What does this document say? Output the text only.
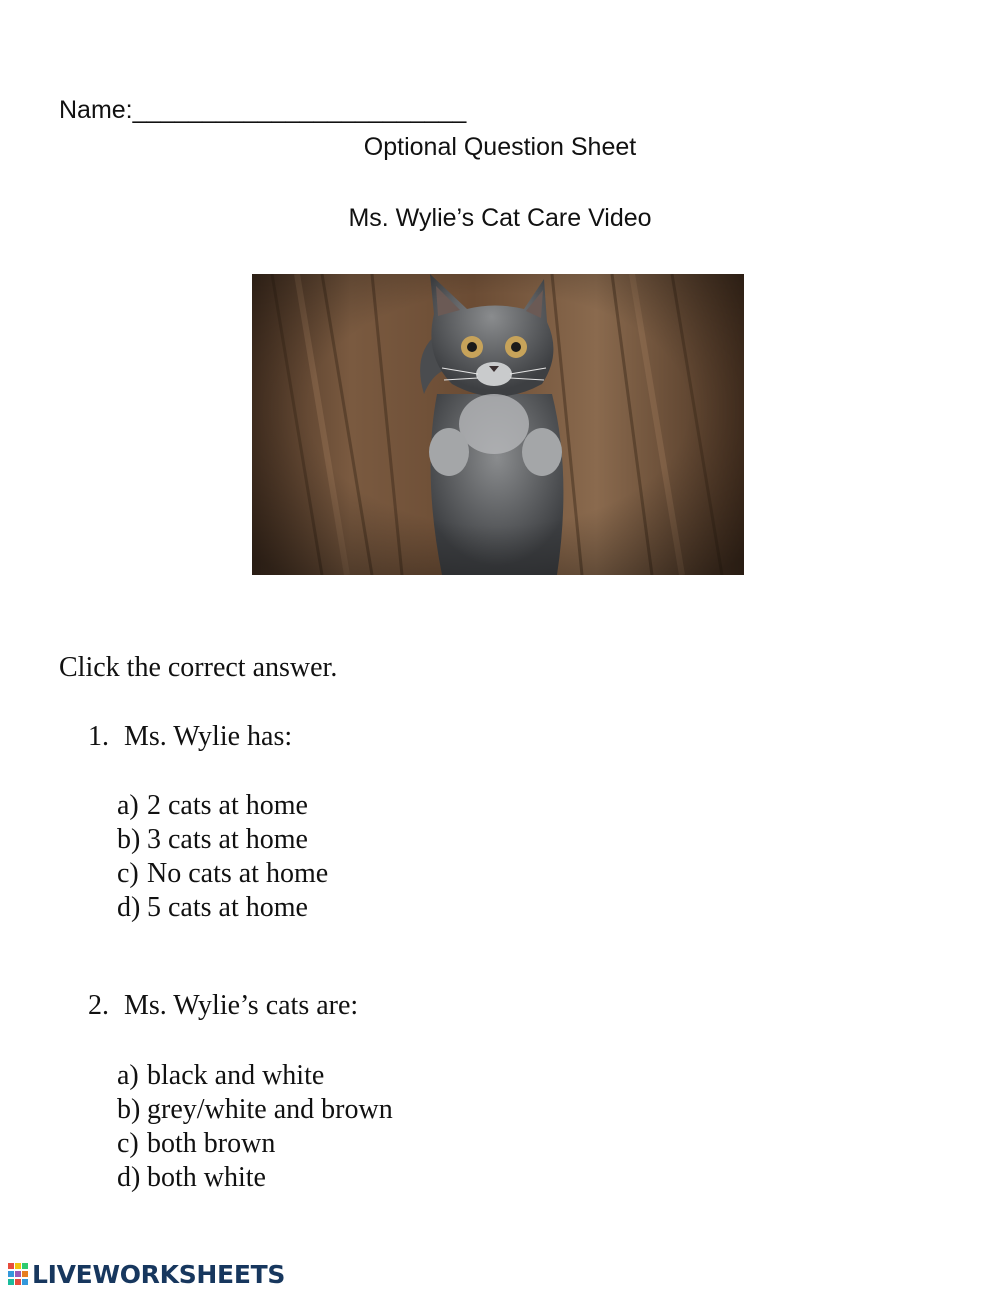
Name:________________________
Optional Question Sheet
Ms. Wylie’s Cat Care Video
Click the correct answer.
1. Ms. Wylie has:
a) 2 cats at home
b) 3 cats at home
c) No cats at home
d) 5 cats at home
2. Ms. Wylie’s cats are:
a) black and white
b) grey/white and brown
c) both brown
d) both white
LIVEWORKSHEETS
